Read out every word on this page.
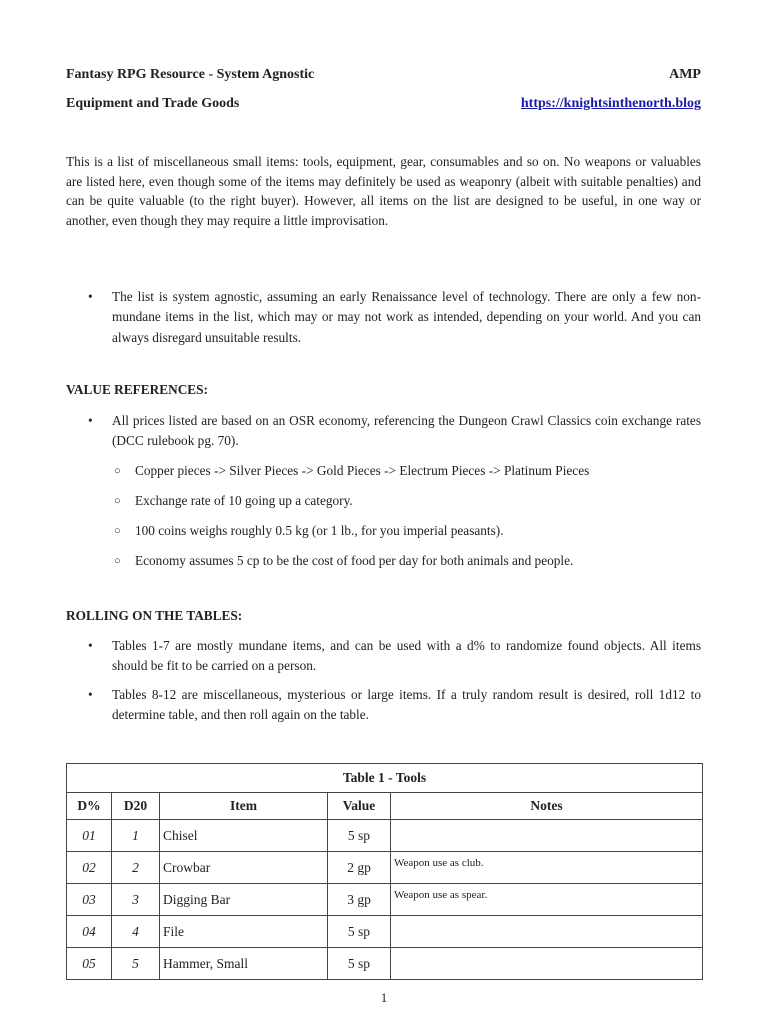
Fantasy RPG Resource - System Agnostic	AMP
Equipment and Trade Goods	https://knightsinthenorth.blog
This is a list of miscellaneous small items: tools, equipment, gear, consumables and so on. No weapons or valuables are listed here, even though some of the items may definitely be used as weaponry (albeit with suitable penalties) and can be quite valuable (to the right buyer). However, all items on the list are designed to be useful, in one way or another, even though they may require a little improvisation.
• The list is system agnostic, assuming an early Renaissance level of technology. There are only a few non-mundane items in the list, which may or may not work as intended, depending on your world. And you can always disregard unsuitable results.
VALUE REFERENCES:
• All prices listed are based on an OSR economy, referencing the Dungeon Crawl Classics coin exchange rates (DCC rulebook pg. 70).
○ Copper pieces -> Silver Pieces -> Gold Pieces -> Electrum Pieces -> Platinum Pieces
○ Exchange rate of 10 going up a category.
○ 100 coins weighs roughly 0.5 kg (or 1 lb., for you imperial peasants).
○ Economy assumes 5 cp to be the cost of food per day for both animals and people.
ROLLING ON THE TABLES:
• Tables 1-7 are mostly mundane items, and can be used with a d% to randomize found objects. All items should be fit to be carried on a person.
• Tables 8-12 are miscellaneous, mysterious or large items. If a truly random result is desired, roll 1d12 to determine table, and then roll again on the table.
Table 1 - Tools				
D%	D20	Item	Value	Notes
01	1	Chisel	5 sp	
02	2	Crowbar	2 gp	Weapon use as club.
03	3	Digging Bar	3 gp	Weapon use as spear.
04	4	File	5 sp	
05	5	Hammer, Small	5 sp	
1
